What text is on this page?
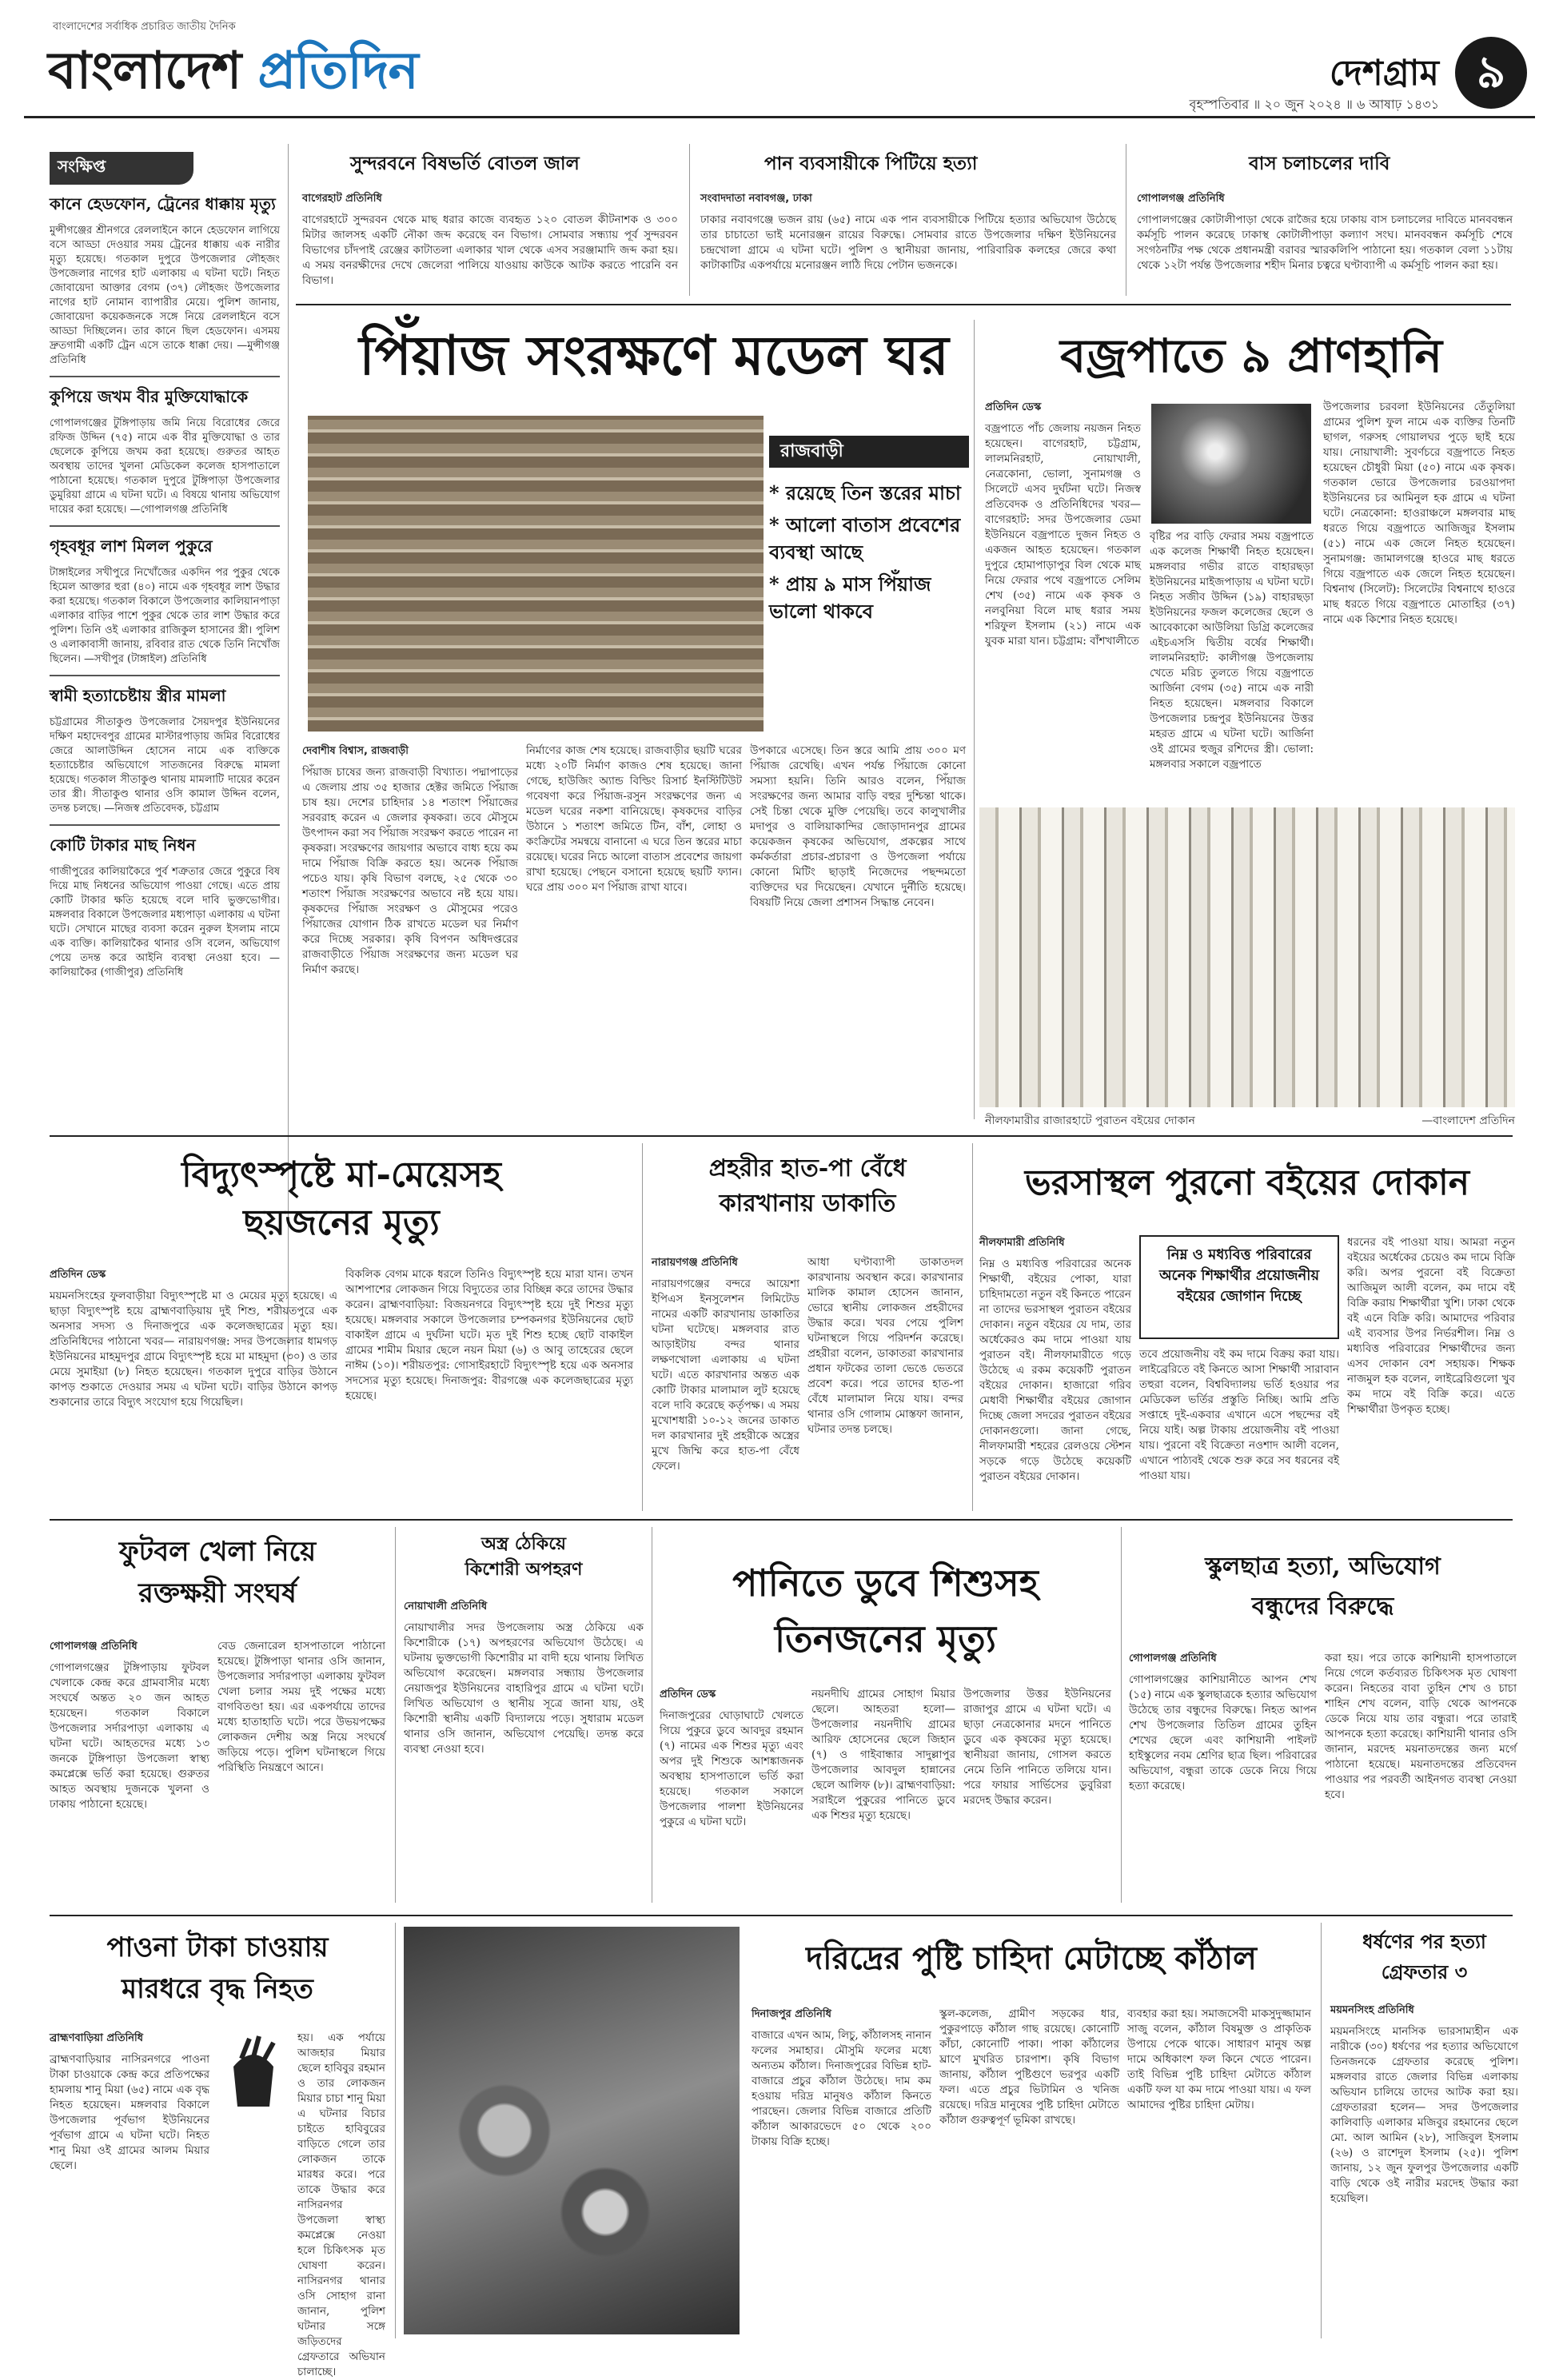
বাংলাদেশের সর্বাধিক প্রচারিত জাতীয় দৈনিক
বাংলাদেশ প্রতিদিন	দেশগ্রাম ৯
বৃহস্পতিবার ॥ ২০ জুন ২০২৪ ॥ ৬ আষাঢ় ১৪৩১
সংক্ষিপ্ত
কানে হেডফোন, ট্রেনের ধাক্কায় মৃত্যু
মুন্সীগঞ্জের শ্রীনগরে রেললাইনে কানে হেডফোন লাগিয়ে বসে আড্ডা দেওয়ার সময় ট্রেনের ধাক্কায় এক নারীর মৃত্যু হয়েছে। গতকাল দুপুরে উপজেলার লৌহজং উপজেলার নাগের হাট এলাকায় এ ঘটনা ঘটে। নিহত জোবায়েদা আক্তার বেগম (৩৭) লৌহজং উপজেলার নাগের হাট নোমান ব্যাপারীর মেয়ে। পুলিশ জানায়, জোবায়েদা কয়েকজনকে সঙ্গে নিয়ে রেললাইনে বসে আড্ডা দিচ্ছিলেন। তার কানে ছিল হেডফোন। এসময় দ্রুতগামী একটি ট্রেন এসে তাকে ধাক্কা দেয়। —মুন্সীগঞ্জ প্রতিনিধি
কুপিয়ে জখম বীর মুক্তিযোদ্ধাকে
গোপালগঞ্জের টুঙ্গিপাড়ায় জমি নিয়ে বিরোধের জেরে রফিজ উদ্দিন (৭৫) নামে এক বীর মুক্তিযোদ্ধা ও তার ছেলেকে কুপিয়ে জখম করা হয়েছে। গুরুতর আহত অবস্থায় তাদের খুলনা মেডিকেল কলেজ হাসপাতালে পাঠানো হয়েছে। গতকাল দুপুরে টুঙ্গিপাড়া উপজেলার ডুমুরিয়া গ্রামে এ ঘটনা ঘটে। এ বিষয়ে থানায় অভিযোগ দায়ের করা হয়েছে। —গোপালগঞ্জ প্রতিনিধি
গৃহবধূর লাশ মিলল পুকুরে
টাঙ্গাইলের সখীপুরে নিখোঁজের একদিন পর পুকুর থেকে হিমেল আক্তার হুরা (৪০) নামে এক গৃহবধূর লাশ উদ্ধার করা হয়েছে। গতকাল বিকালে উপজেলার কালিয়ানপাড়া এলাকার বাড়ির পাশে পুকুর থেকে তার লাশ উদ্ধার করে পুলিশ। তিনি ওই এলাকার রাজিকুল হাসানের স্ত্রী। পুলিশ ও এলাকাবাসী জানায়, রবিবার রাত থেকে তিনি নিখোঁজ ছিলেন। —সখীপুর (টাঙ্গাইল) প্রতিনিধি
স্বামী হত্যাচেষ্টায় স্ত্রীর মামলা
চট্টগ্রামের সীতাকুণ্ড উপজেলার সৈয়দপুর ইউনিয়নের দক্ষিণ মহাদেবপুর গ্রামের মাস্টারপাড়ায় জমির বিরোধের জেরে আলাউদ্দিন হোসেন নামে এক ব্যক্তিকে হত্যাচেষ্টার অভিযোগে সাতজনের বিরুদ্ধে মামলা হয়েছে। গতকাল সীতাকুণ্ড থানায় মামলাটি দায়ের করেন তার স্ত্রী। সীতাকুণ্ড থানার ওসি কামাল উদ্দিন বলেন, তদন্ত চলছে। —নিজস্ব প্রতিবেদক, চট্টগ্রাম
কোটি টাকার মাছ নিধন
গাজীপুরের কালিয়াকৈরে পুর্ব শত্রুতার জেরে পুকুরে বিষ দিয়ে মাছ নিধনের অভিযোগ পাওয়া গেছে। এতে প্রায় কোটি টাকার ক্ষতি হয়েছে বলে দাবি ভুক্তভোগীর। মঙ্গলবার বিকালে উপজেলার মধ্যপাড়া এলাকায় এ ঘটনা ঘটে। সেখানে মাছের ব্যবসা করেন নুরুল ইসলাম নামে এক ব্যক্তি। কালিয়াকৈর থানার ওসি বলেন, অভিযোগ পেয়ে তদন্ত করে আইনি ব্যবস্থা নেওয়া হবে। —কালিয়াকৈর (গাজীপুর) প্রতিনিধি
সুন্দরবনে বিষভর্তি বোতল জাল
বাগেরহাট প্রতিনিধি
বাগেরহাটে সুন্দরবন থেকে মাছ ধরার কাজে ব্যবহৃত ১২০ বোতল কীটনাশক ও ৩০০ মিটার জালসহ একটি নৌকা জব্দ করেছে বন বিভাগ। সোমবার সন্ধ্যায় পূর্ব সুন্দরবন বিভাগের চাঁদপাই রেঞ্জের কাটাতলা এলাকার খাল থেকে এসব সরঞ্জামাদি জব্দ করা হয়। এ সময় বনরক্ষীদের দেখে জেলেরা পালিয়ে যাওয়ায় কাউকে আটক করতে পারেনি বন বিভাগ।
পান ব্যবসায়ীকে পিটিয়ে হত্যা
সংবাদদাতা নবাবগঞ্জ, ঢাকা
ঢাকার নবাবগঞ্জে ভজন রায় (৬৫) নামে এক পান ব্যবসায়ীকে পিটিয়ে হত্যার অভিযোগ উঠেছে তার চাচাতো ভাই মনোরঞ্জন রায়ের বিরুদ্ধে। সোমবার রাতে উপজেলার দক্ষিণ ইউনিয়নের চন্দ্রখোলা গ্রামে এ ঘটনা ঘটে। পুলিশ ও স্থানীয়রা জানায়, পারিবারিক কলহের জেরে কথা কাটাকাটির একপর্যায়ে মনোরঞ্জন লাঠি দিয়ে পেটান ভজনকে।
বাস চলাচলের দাবি
গোপালগঞ্জ প্রতিনিধি
গোপালগঞ্জের কোটালীপাড়া থেকে রাজৈর হয়ে ঢাকায় বাস চলাচলের দাবিতে মানববন্ধন কর্মসূচি পালন করেছে ঢাকাস্থ কোটালীপাড়া কল্যাণ সংঘ। মানববন্ধন কর্মসূচি শেষে সংগঠনটির পক্ষ থেকে প্রধানমন্ত্রী বরাবর স্মারকলিপি পাঠানো হয়। গতকাল বেলা ১১টায় থেকে ১২টা পর্যন্ত উপজেলার শহীদ মিনার চত্বরে ঘণ্টাব্যাপী এ কর্মসূচি পালন করা হয়।
পিঁয়াজ সংরক্ষণে মডেল ঘর
রাজবাড়ী
* রয়েছে তিন স্তরের মাচা
* আলো বাতাস প্রবেশের ব্যবস্থা আছে
* প্রায় ৯ মাস পিঁয়াজ ভালো থাকবে
দেবাশীষ বিশ্বাস, রাজবাড়ী
পিঁয়াজ চাষের জন্য রাজবাড়ী বিখ্যাত। পদ্মাপাড়ের এ জেলায় প্রায় ৩৫ হাজার হেক্টর জমিতে পিঁয়াজ চাষ হয়। দেশের চাহিদার ১৪ শতাংশ পিঁয়াজের সরবরাহ করেন এ জেলার কৃষকরা। তবে মৌসুমে উৎপাদন করা সব পিঁয়াজ সংরক্ষণ করতে পারেন না কৃষকরা। সংরক্ষণের জায়গার অভাবে বাধ্য হয়ে কম দামে পিঁয়াজ বিক্রি করতে হয়। অনেক পিঁয়াজ পচেও যায়। কৃষি বিভাগ বলছে, ২৫ থেকে ৩০ শতাংশ পিঁয়াজ সংরক্ষণের অভাবে নষ্ট হয়ে যায়। কৃষকদের পিঁয়াজ সংরক্ষণ ও মৌসুমের পরেও পিঁয়াজের যোগান ঠিক রাখতে মডেল ঘর নির্মাণ করে দিচ্ছে সরকার। কৃষি বিপণন অধিদপ্তরের রাজবাড়ীতে পিঁয়াজ সংরক্ষণের জন্য মডেল ঘর নির্মাণ করছে।
নির্মাণের কাজ শেষ হয়েছে। রাজবাড়ীর ছয়টি ঘরের মধ্যে ২০টি নির্মাণ কাজও শেষ হয়েছে। জানা গেছে, হাউজিং অ্যান্ড বিল্ডিং রিসার্চ ইনস্টিটিউট গবেষণা করে পিঁয়াজ-রসুন সংরক্ষণের জন্য এ মডেল ঘরের নকশা বানিয়েছে। কৃষকদের বাড়ির উঠানে ১ শতাংশ জমিতে টিন, বাঁশ, লোহা ও কংক্রিটের সমন্বয়ে বানানো এ ঘরে তিন স্তরের মাচা রয়েছে। ঘরের নিচে আলো বাতাস প্রবেশের জায়গা রাখা হয়েছে। পেছনে বসানো হয়েছে ছয়টি ফ্যান। ঘরে প্রায় ৩০০ মণ পিঁয়াজ রাখা যাবে।
উপকারে এসেছে। তিন স্তরে আমি প্রায় ৩০০ মণ পিঁয়াজ রেখেছি। এখন পর্যন্ত পিঁয়াজে কোনো সমস্যা হয়নি। তিনি আরও বলেন, পিঁয়াজ সংরক্ষণের জন্য আমার বাড়ি বহুর দুশ্চিন্তা থাকে। সেই চিন্তা থেকে মুক্তি পেয়েছি। তবে কালুখালীর মদাপুর ও বালিয়াকান্দির জোড়াদানপুর গ্রামের কয়েকজন কৃষকের অভিযোগ, প্রকল্পের সাথে কর্মকর্তারা প্রচার-প্রচারণা ও উপজেলা পর্যায়ে কোনো মিটিং ছাড়াই নিজেদের পছন্দমতো ব্যক্তিদের ঘর দিয়েছেন। যেখানে দুর্নীতি হয়েছে। বিষয়টি নিয়ে জেলা প্রশাসন সিদ্ধান্ত নেবেন।
বজ্রপাতে ৯ প্রাণহানি
প্রতিদিন ডেস্ক
বজ্রপাতে পাঁচ জেলায় নয়জন নিহত হয়েছেন। বাগেরহাট, চট্টগ্রাম, লালমনিরহাট, নোয়াখালী, নেত্রকোনা, ভোলা, সুনামগঞ্জ ও সিলেটে এসব দুর্ঘটনা ঘটে। নিজস্ব প্রতিবেদক ও প্রতিনিধিদের খবর— বাগেরহাট: সদর উপজেলার ডেমা ইউনিয়নে বজ্রপাতে দুজন নিহত ও একজন আহত হয়েছেন। গতকাল দুপুরে হোমাপাড়াপুর বিল থেকে মাছ নিয়ে ফেরার পথে বজ্রপাতে সেলিম শেখ (৩৫) নামে এক কৃষক ও নলবুনিয়া বিলে মাছ ধরার সময় শরিফুল ইসলাম (২১) নামে এক যুবক মারা যান। চট্টগ্রাম: বাঁশখালীতে
বৃষ্টির পর বাড়ি ফেরার সময় বজ্রপাতে এক কলেজ শিক্ষার্থী নিহত হয়েছেন। মঙ্গলবার গভীর রাতে বাহারছড়া ইউনিয়নের মাইজপাড়ায় এ ঘটনা ঘটে। নিহত সজীব উদ্দিন (১৯) বাহারছড়া ইউনিয়নের ফজল কলেজের ছেলে ও আবেকাকো আউলিয়া ডিগ্রি কলেজের এইচএসসি দ্বিতীয় বর্ষের শিক্ষার্থী। লালমনিরহাট: কালীগঞ্জ উপজেলায় খেতে মরিচ তুলতে গিয়ে বজ্রপাতে আর্জিনা বেগম (৩৫) নামে এক নারী নিহত হয়েছেন। মঙ্গলবার বিকালে উপজেলার চন্দ্রপুর ইউনিয়নের উত্তর মহরত গ্রামে এ ঘটনা ঘটে। আর্জিনা ওই গ্রামের হুজুর রশিদের স্ত্রী। ভোলা: মঙ্গলবার সকালে বজ্রপাতে
উপজেলার চরবলা ইউনিয়নের তেঁতুলিয়া গ্রামের পুলিশ ফুল নামে এক ব্যক্তির তিনটি ছাগল, গরুসহ গোয়ালঘর পুড়ে ছাই হয়ে যায়। নোয়াখালী: সুবর্ণচরে বজ্রপাতে নিহত হয়েছেন চৌধুরী মিয়া (৫০) নামে এক কৃষক। গতকাল ভোরে উপজেলার চরওয়াপদা ইউনিয়নের চর আমিনুল হক গ্রামে এ ঘটনা ঘটে। নেত্রকোনা: হাওরাঞ্চলে মঙ্গলবার মাছ ধরতে গিয়ে বজ্রপাতে আজিজুর ইসলাম (৫১) নামে এক জেলে নিহত হয়েছেন। সুনামগঞ্জ: জামালগঞ্জে হাওরে মাছ ধরতে গিয়ে বজ্রপাতে এক জেলে নিহত হয়েছেন। বিশ্বনাথ (সিলেট): সিলেটের বিশ্বনাথে হাওরে মাছ ধরতে গিয়ে বজ্রপাতে মোতাহির (৩৭) নামে এক কিশোর নিহত হয়েছে।
নীলফামারীর রাজারহাটে পুরাতন বইয়ের দোকান	—বাংলাদেশ প্রতিদিন
বিদ্যুৎস্পৃষ্টে মা-মেয়েসহ
ছয়জনের মৃত্যু
প্রতিদিন ডেস্ক
ময়মনসিংহের ফুলবাড়ীয়া বিদ্যুৎস্পৃষ্টে মা ও মেয়ের মৃত্যু হয়েছে। এ ছাড়া বিদ্যুৎস্পৃষ্ট হয়ে ব্রাহ্মণবাড়িয়ায় দুই শিশু, শরীয়তপুরে এক অনসার সদস্য ও দিনাজপুরে এক কলেজছাত্রের মৃত্যু হয়। প্রতিনিধিদের পাঠানো খবর— নারায়ণগঞ্জ: সদর উপজেলার ধামগড় ইউনিয়নের মাহমুদপুর গ্রামে বিদ্যুৎস্পৃষ্ট হয়ে মা মাহমুদা (৩০) ও তার মেয়ে সুমাইয়া (৮) নিহত হয়েছেন। গতকাল দুপুরে বাড়ির উঠানে কাপড় শুকাতে দেওয়ার সময় এ ঘটনা ঘটে। বাড়ির উঠানে কাপড় শুকানোর তারে বিদ্যুৎ সংযোগ হয়ে গিয়েছিল।
বিকলিক বেগম মাকে ধরলে তিনিও বিদ্যুৎস্পৃষ্ট হয়ে মারা যান। তখন আশপাশের লোকজন গিয়ে বিদ্যুতের তার বিচ্ছিন্ন করে তাদের উদ্ধার করেন। ব্রাহ্মণবাড়িয়া: বিজয়নগরে বিদ্যুৎস্পৃষ্ট হয়ে দুই শিশুর মৃত্যু হয়েছে। মঙ্গলবার সকালে উপজেলার চম্পকনগর ইউনিয়নের ছোট বাকাইল গ্রামে এ দুর্ঘটনা ঘটে। মৃত দুই শিশু হচ্ছে ছোট বাকাইল গ্রামের শামীম মিয়ার ছেলে নয়ন মিয়া (৬) ও আবু তাহেরের ছেলে নাঈম (১০)। শরীয়তপুর: গোসাইরহাটে বিদ্যুৎস্পৃষ্ট হয়ে এক অনসার সদস্যের মৃত্যু হয়েছে। দিনাজপুর: বীরগঞ্জে এক কলেজছাত্রের মৃত্যু হয়েছে।
প্রহরীর হাত-পা বেঁধে
কারখানায় ডাকাতি
নারায়ণগঞ্জ প্রতিনিধি
নারায়ণগঞ্জের বন্দরে আয়েশা ইপিএস ইনসুলেশন লিমিটেড নামের একটি কারখানায় ডাকাতির ঘটনা ঘটেছে। মঙ্গলবার রাত আড়াইটায় বন্দর থানার লক্ষণখোলা এলাকায় এ ঘটনা ঘটে। এতে কারখানার অন্তত এক কোটি টাকার মালামাল লুট হয়েছে বলে দাবি করেছে কর্তৃপক্ষ। এ সময় মুখোশধারী ১০-১২ জনের ডাকাত দল কারখানার দুই প্রহরীকে অস্ত্রের মুখে জিম্মি করে হাত-পা বেঁধে ফেলে।
আধা ঘণ্টাব্যাপী ডাকাতদল কারখানায় অবস্থান করে। কারখানার মালিক কামাল হোসেন জানান, ভোরে স্থানীয় লোকজন প্রহরীদের উদ্ধার করে। খবর পেয়ে পুলিশ ঘটনাস্থলে গিয়ে পরিদর্শন করেছে। প্রহরীরা বলেন, ডাকাতরা কারখানার প্রধান ফটকের তালা ভেঙে ভেতরে প্রবেশ করে। পরে তাদের হাত-পা বেঁধে মালামাল নিয়ে যায়। বন্দর থানার ওসি গোলাম মোস্তফা জানান, ঘটনার তদন্ত চলছে।
ভরসাস্থল পুরনো বইয়ের দোকান
নীলফামারী প্রতিনিধি
নিম্ন ও মধ্যবিত্ত পরিবারের অনেক শিক্ষার্থী, বইয়ের পোকা, যারা চাহিদামতো নতুন বই কিনতে পারেন না তাদের ভরসাস্থল পুরাতন বইয়ের দোকান। নতুন বইয়ের যে দাম, তার অর্ধেকেরও কম দামে পাওয়া যায় পুরাতন বই। নীলফামারীতে গড়ে উঠেছে এ রকম কয়েকটি পুরাতন বইয়ের দোকান। হাজারো গরিব মেধাবী শিক্ষার্থীর বইয়ের জোগান দিচ্ছে জেলা সদরের পুরাতন বইয়ের দোকানগুলো। জানা গেছে, নীলফামারী শহরের রেলওয়ে স্টেশন সড়কে গড়ে উঠেছে কয়েকটি পুরাতন বইয়ের দোকান।
নিম্ন ও মধ্যবিত্ত পরিবারের অনেক শিক্ষার্থীর প্রয়োজনীয় বইয়ের জোগান দিচ্ছে
তবে প্রয়োজনীয় বই কম দামে বিক্রয় করা যায়। লাইব্রেরিতে বই কিনতে আসা শিক্ষার্থী সারাবান তহুরা বলেন, বিশ্ববিদ্যালয় ভর্তি হওয়ার পর মেডিকেল ভর্তির প্রস্তুতি নিচ্ছি। আমি প্রতি সপ্তাহে দুই-একবার এখানে এসে পছন্দের বই নিয়ে যাই। অল্প টাকায় প্রয়োজনীয় বই পাওয়া যায়। পুরনো বই বিক্রেতা নওশাদ আলী বলেন, এখানে পাঠ্যবই থেকে শুরু করে সব ধরনের বই পাওয়া যায়।
ধরনের বই পাওয়া যায়। আমরা নতুন বইয়ের অর্ধেকের চেয়েও কম দামে বিক্রি করি। অপর পুরনো বই বিক্রেতা আজিমুল আলী বলেন, কম দামে বই বিক্রি করায় শিক্ষার্থীরা খুশি। ঢাকা থেকে বই এনে বিক্রি করি। আমাদের পরিবার এই ব্যবসার উপর নির্ভরশীল। নিম্ন ও মধ্যবিত্ত পরিবারের শিক্ষার্থীদের জন্য এসব দোকান বেশ সহায়ক। শিক্ষক নাজমুল হক বলেন, লাইব্রেরিগুলো খুব কম দামে বই বিক্রি করে। এতে শিক্ষার্থীরা উপকৃত হচ্ছে।
ফুটবল খেলা নিয়ে
রক্তক্ষয়ী সংঘর্ষ
গোপালগঞ্জ প্রতিনিধি
গোপালগঞ্জের টুঙ্গিপাড়ায় ফুটবল খেলাকে কেন্দ্র করে গ্রামবাসীর মধ্যে সংঘর্ষে অন্তত ২০ জন আহত হয়েছেন। গতকাল বিকালে উপজেলার সর্দারপাড়া এলাকায় এ ঘটনা ঘটে। আহতদের মধ্যে ১৩ জনকে টুঙ্গিপাড়া উপজেলা স্বাস্থ্য কমপ্লেক্সে ভর্তি করা হয়েছে। গুরুতর আহত অবস্থায় দুজনকে খুলনা ও ঢাকায় পাঠানো হয়েছে।
বেড জেনারেল হাসপাতালে পাঠানো হয়েছে। টুঙ্গিপাড়া থানার ওসি জানান, উপজেলার সর্দারপাড়া এলাকায় ফুটবল খেলা চলার সময় দুই পক্ষের মধ্যে বাগবিতণ্ডা হয়। এর একপর্যায়ে তাদের মধ্যে হাতাহাতি ঘটে। পরে উভয়পক্ষের লোকজন দেশীয় অস্ত্র নিয়ে সংঘর্ষে জড়িয়ে পড়ে। পুলিশ ঘটনাস্থলে গিয়ে পরিস্থিতি নিয়ন্ত্রণে আনে।
অস্ত্র ঠেকিয়ে
কিশোরী অপহরণ
নোয়াখালী প্রতিনিধি
নোয়াখালীর সদর উপজেলায় অস্ত্র ঠেকিয়ে এক কিশোরীকে (১৭) অপহরণের অভিযোগ উঠেছে। এ ঘটনায় ভুক্তভোগী কিশোরীর মা বাদী হয়ে থানায় লিখিত অভিযোগ করেছেন। মঙ্গলবার সন্ধ্যায় উপজেলার নেয়াজপুর ইউনিয়নের বাহারিপুর গ্রামে এ ঘটনা ঘটে। লিখিত অভিযোগ ও স্থানীয় সূত্রে জানা যায়, ওই কিশোরী স্থানীয় একটি বিদ্যালয়ে পড়ে। সুধারাম মডেল থানার ওসি জানান, অভিযোগ পেয়েছি। তদন্ত করে ব্যবস্থা নেওয়া হবে।
পানিতে ডুবে শিশুসহ
তিনজনের মৃত্যু
প্রতিদিন ডেস্ক
দিনাজপুরের ঘোড়াঘাটে খেলতে গিয়ে পুকুরে ডুবে আবদুর রহমান (৭) নামের এক শিশুর মৃত্যু এবং অপর দুই শিশুকে আশঙ্কাজনক অবস্থায় হাসপাতালে ভর্তি করা হয়েছে। গতকাল সকালে উপজেলার পালশা ইউনিয়নের পুকুরে এ ঘটনা ঘটে।
নয়নদীঘি গ্রামের সোহাগ মিয়ার ছেলে। আহতরা হলো— উপজেলার নয়নদীঘি গ্রামের আরিফ হোসেনের ছেলে জিহান (৭) ও গাইবান্ধার সাদুল্লাপুর উপজেলার আবদুল হান্নানের ছেলে আলিফ (৮)। ব্রাহ্মণবাড়িয়া: সরাইলে পুকুরের পানিতে ডুবে এক শিশুর মৃত্যু হয়েছে।
উপজেলার উত্তর ইউনিয়নের রাজাপুর গ্রামে এ ঘটনা ঘটে। এ ছাড়া নেত্রকোনার মদনে পানিতে ডুবে এক কৃষকের মৃত্যু হয়েছে। স্থানীয়রা জানায়, গোসল করতে নেমে তিনি পানিতে তলিয়ে যান। পরে ফায়ার সার্ভিসের ডুবুরিরা মরদেহ উদ্ধার করেন।
স্কুলছাত্র হত্যা, অভিযোগ
বন্ধুদের বিরুদ্ধে
গোপালগঞ্জ প্রতিনিধি
গোপালগঞ্জের কাশিয়ানীতে আপন শেখ (১৫) নামে এক স্কুলছাত্রকে হত্যার অভিযোগ উঠেছে তার বন্ধুদের বিরুদ্ধে। নিহত আপন শেখ উপজেলার তিতিল গ্রামের তুহিন শেখের ছেলে এবং কাশিয়ানী পাইলট হাইস্কুলের নবম শ্রেণির ছাত্র ছিল। পরিবারের অভিযোগ, বন্ধুরা তাকে ডেকে নিয়ে গিয়ে হত্যা করেছে।
করা হয়। পরে তাকে কাশিয়ানী হাসপাতালে নিয়ে গেলে কর্তব্যরত চিকিৎসক মৃত ঘোষণা করেন। নিহতের বাবা তুহিন শেখ ও চাচা শাহিন শেখ বলেন, বাড়ি থেকে আপনকে ডেকে নিয়ে যায় তার বন্ধুরা। পরে তারাই আপনকে হত্যা করেছে। কাশিয়ানী থানার ওসি জানান, মরদেহ ময়নাতদন্তের জন্য মর্গে পাঠানো হয়েছে। ময়নাতদন্তের প্রতিবেদন পাওয়ার পর পরবর্তী আইনগত ব্যবস্থা নেওয়া হবে।
পাওনা টাকা চাওয়ায়
মারধরে বৃদ্ধ নিহত
ব্রাহ্মণবাড়িয়া প্রতিনিধি
ব্রাহ্মণবাড়িয়ার নাসিরনগরে পাওনা টাকা চাওয়াকে কেন্দ্র করে প্রতিপক্ষের হামলায় শানু মিয়া (৬৫) নামে এক বৃদ্ধ নিহত হয়েছেন। মঙ্গলবার বিকালে উপজেলার পূর্বভাগ ইউনিয়নের পূর্বভাগ গ্রামে এ ঘটনা ঘটে। নিহত শানু মিয়া ওই গ্রামের আলম মিয়ার ছেলে।
হয়। এক পর্যায়ে আজহার মিয়ার ছেলে হাবিবুর রহমান ও তার লোকজন মিয়ার চাচা শানু মিয়া এ ঘটনার বিচার চাইতে হাবিবুরের বাড়িতে গেলে তার লোকজন তাকে মারধর করে। পরে তাকে উদ্ধার করে নাসিরনগর উপজেলা স্বাস্থ্য কমপ্লেক্সে নেওয়া হলে চিকিৎসক মৃত ঘোষণা করেন। নাসিরনগর থানার ওসি সোহাগ রানা জানান, পুলিশ ঘটনার সঙ্গে জড়িতদের গ্রেফতারে অভিযান চালাচ্ছে।
দরিদ্রের পুষ্টি চাহিদা মেটাচ্ছে কাঁঠাল
দিনাজপুর প্রতিনিধি
বাজারে এখন আম, লিচু, কাঁঠালসহ নানান ফলের সমাহার। মৌসুমি ফলের মধ্যে অন্যতম কাঁঠাল। দিনাজপুরের বিভিন্ন হাট-বাজারে প্রচুর কাঁঠাল উঠেছে। দাম কম হওয়ায় দরিদ্র মানুষও কাঁঠাল কিনতে পারছেন। জেলার বিভিন্ন বাজারে প্রতিটি কাঁঠাল আকারভেদে ৫০ থেকে ২০০ টাকায় বিক্রি হচ্ছে।
স্কুল-কলেজ, গ্রামীণ সড়কের ধার, পুকুরপাড়ে কাঁঠাল গাছ রয়েছে। কোনোটি কাঁচা, কোনোটি পাকা। পাকা কাঁঠালের ঘ্রাণে মুখরিত চারপাশ। কৃষি বিভাগ জানায়, কাঁঠাল পুষ্টিগুণে ভরপুর একটি ফল। এতে প্রচুর ভিটামিন ও খনিজ রয়েছে। দরিদ্র মানুষের পুষ্টি চাহিদা মেটাতে কাঁঠাল গুরুত্বপূর্ণ ভূমিকা রাখছে।
ব্যবহার করা হয়। সমাজসেবী মাকসুদুজ্জামান সাজু বলেন, কাঁঠাল বিষমুক্ত ও প্রাকৃতিক উপায়ে পেকে থাকে। সাধারণ মানুষ অল্প দামে অধিকাংশ ফল কিনে খেতে পারেন। তাই বিভিন্ন পুষ্টি চাহিদা মেটাতে কাঁঠাল একটি ফল যা কম দামে পাওয়া যায়। এ ফল আমাদের পুষ্টির চাহিদা মেটায়।
ধর্ষণের পর হত্যা
গ্রেফতার ৩
ময়মনসিংহ প্রতিনিধি
ময়মনসিংহে মানসিক ভারসাম্যহীন এক নারীকে (৩০) ধর্ষণের পর হত্যার অভিযোগে তিনজনকে গ্রেফতার করেছে পুলিশ। মঙ্গলবার রাতে জেলার বিভিন্ন এলাকায় অভিযান চালিয়ে তাদের আটক করা হয়। গ্রেফতাররা হলেন— সদর উপজেলার কালিবাড়ি এলাকার মজিবুর রহমানের ছেলে মো. আল আমিন (২৮), সাজিবুল ইসলাম (২৬) ও রাশেদুল ইসলাম (২৫)। পুলিশ জানায়, ১২ জুন ফুলপুর উপজেলার একটি বাড়ি থেকে ওই নারীর মরদেহ উদ্ধার করা হয়েছিল।
